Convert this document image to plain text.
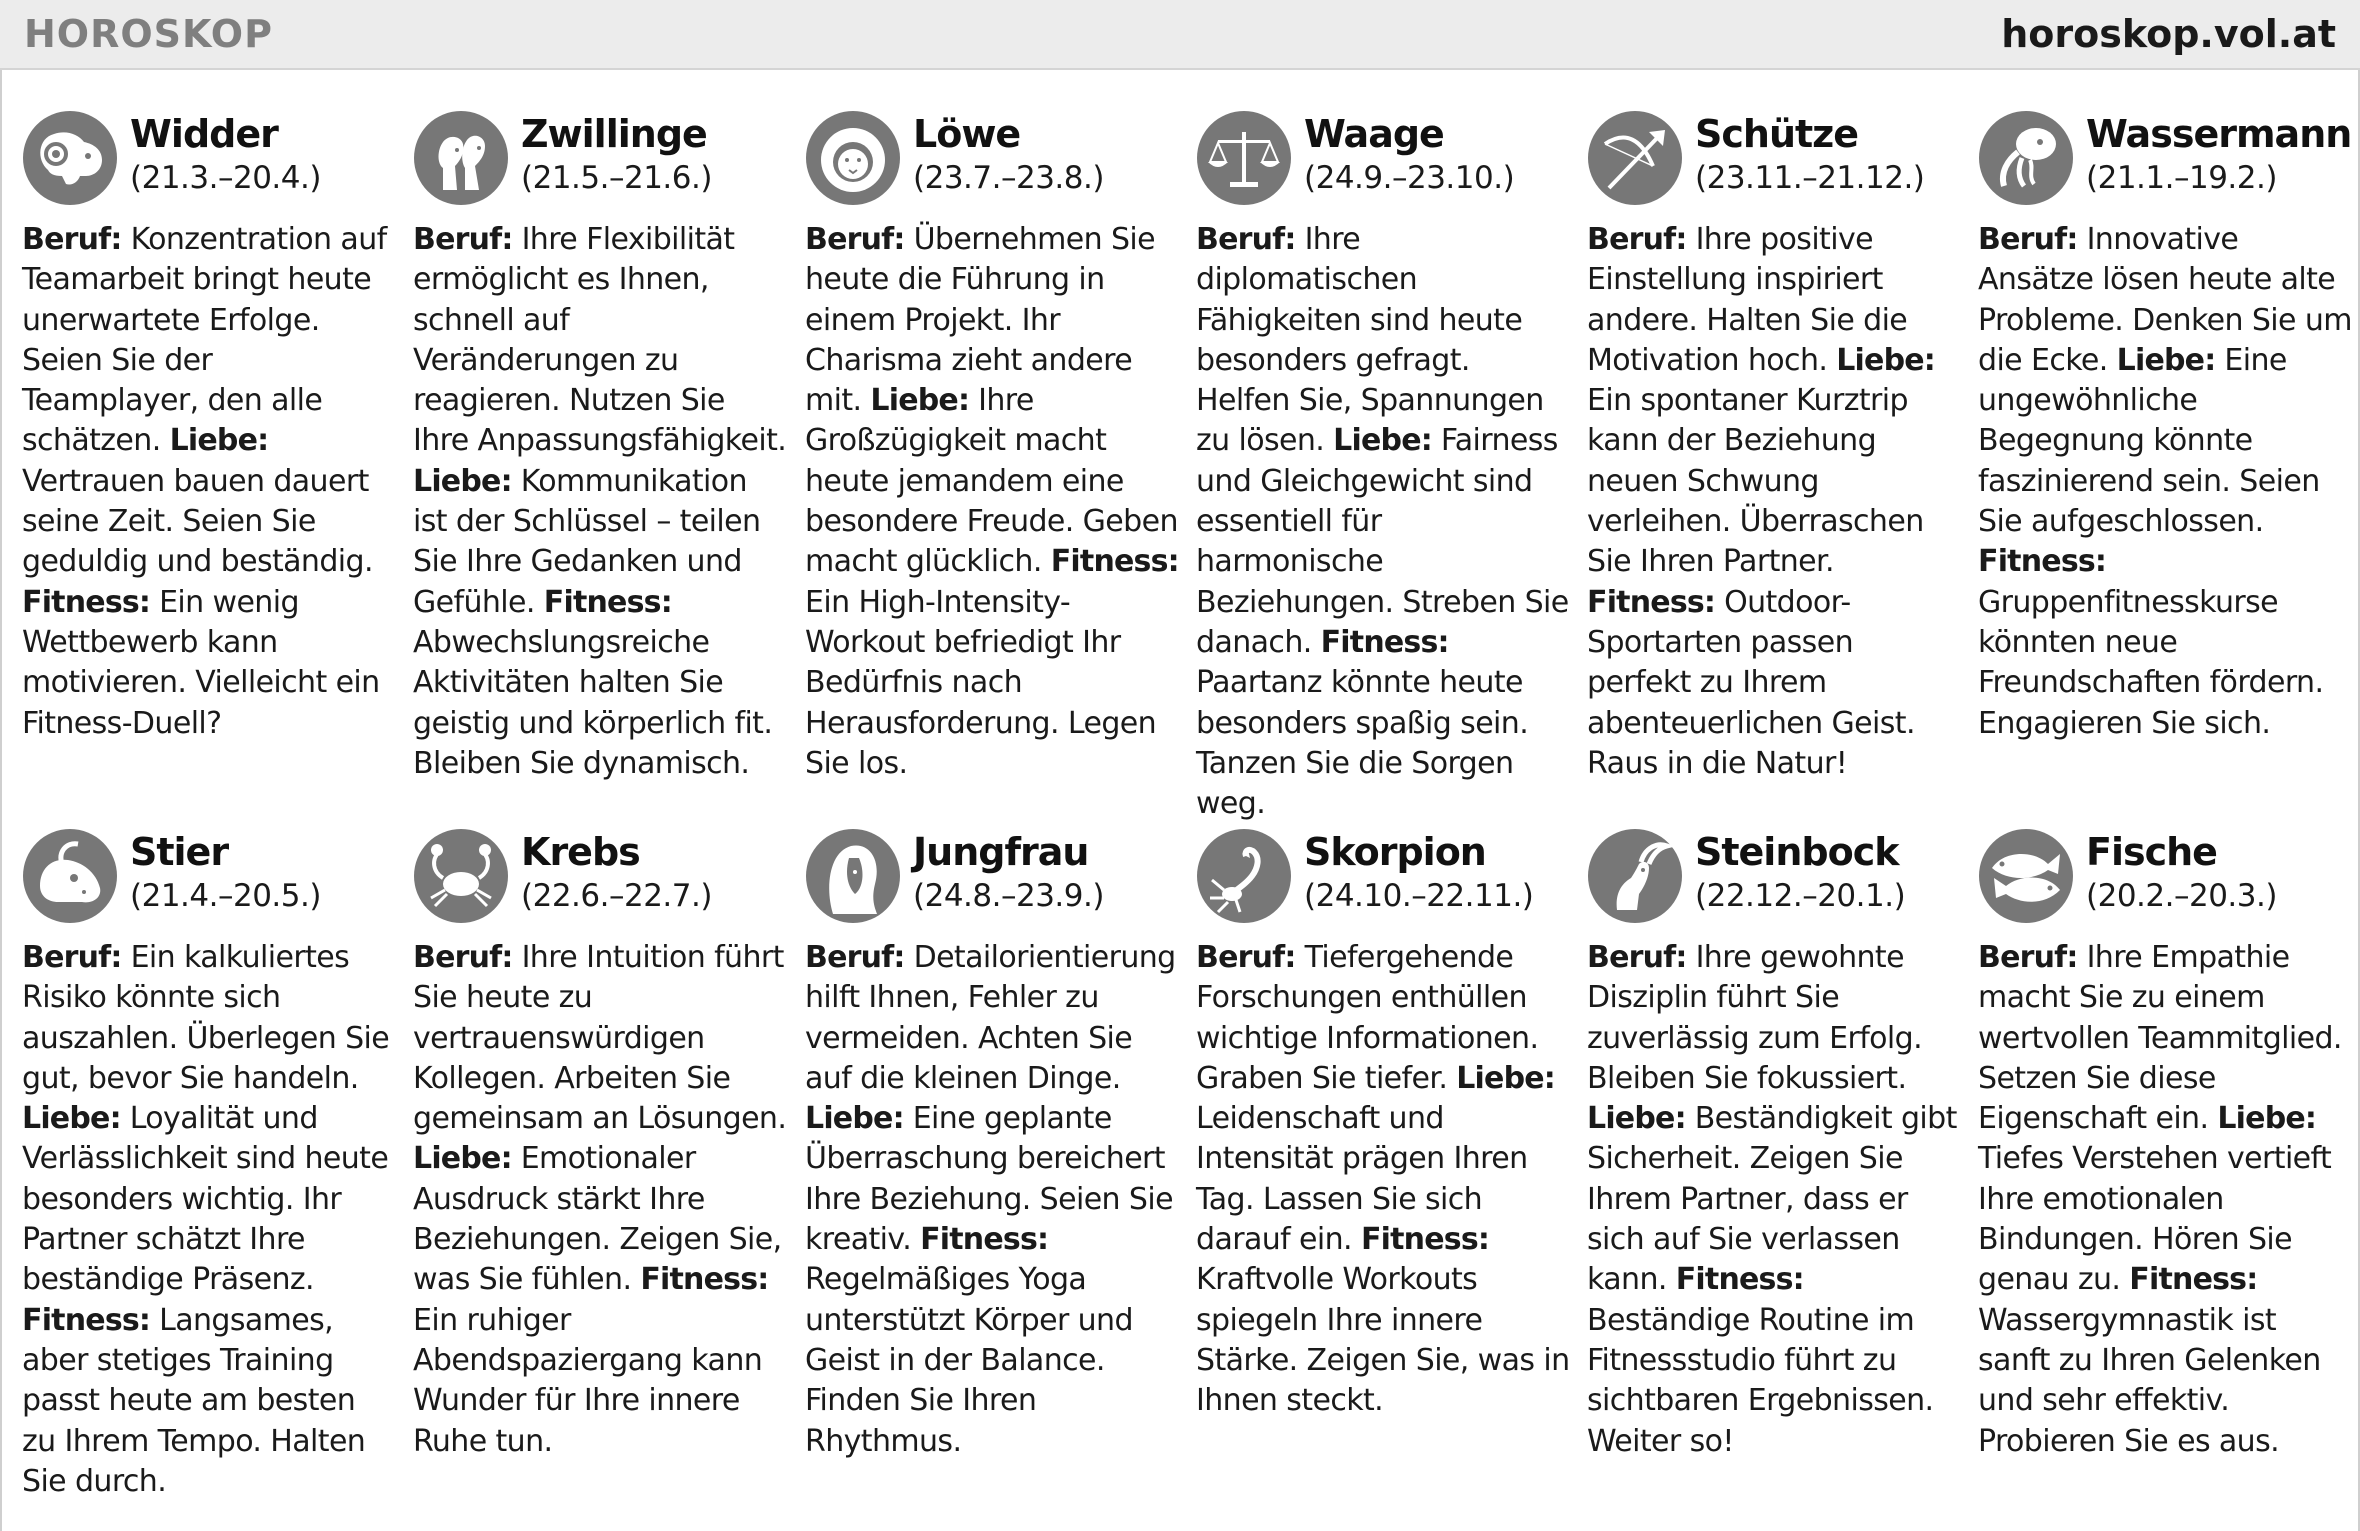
HOROSKOP	horoskop.vol.at
Widder
(21.3.–20.4.)
Beruf: Konzentration auf Teamarbeit bringt heute unerwartete Erfolge. Seien Sie der Teamplayer, den alle schätzen. Liebe: Vertrauen bauen dauert seine Zeit. Seien Sie geduldig und beständig. Fitness: Ein wenig Wettbewerb kann motivieren. Vielleicht ein Fitness-Duell?
Zwillinge
(21.5.–21.6.)
Beruf: Ihre Flexibilität ermöglicht es Ihnen, schnell auf Veränderungen zu reagieren. Nutzen Sie Ihre Anpassungsfähigkeit. Liebe: Kommunikation ist der Schlüssel – teilen Sie Ihre Gedanken und Gefühle. Fitness: Abwechslungsreiche Aktivitäten halten Sie geistig und körperlich fit. Bleiben Sie dynamisch.
Löwe
(23.7.–23.8.)
Beruf: Übernehmen Sie heute die Führung in einem Projekt. Ihr Charisma zieht andere mit. Liebe: Ihre Großzügigkeit macht heute jemandem eine besondere Freude. Geben macht glücklich. Fitness: Ein High-Intensity-Workout befriedigt Ihr Bedürfnis nach Herausforderung. Legen Sie los.
Waage
(24.9.–23.10.)
Beruf: Ihre diplomatischen Fähigkeiten sind heute besonders gefragt. Helfen Sie, Spannungen zu lösen. Liebe: Fairness und Gleichgewicht sind essentiell für harmonische Beziehungen. Streben Sie danach. Fitness: Paartanz könnte heute besonders spaßig sein. Tanzen Sie die Sorgen weg.
Schütze
(23.11.–21.12.)
Beruf: Ihre positive Einstellung inspiriert andere. Halten Sie die Motivation hoch. Liebe: Ein spontaner Kurztrip kann der Beziehung neuen Schwung verleihen. Überraschen Sie Ihren Partner. Fitness: Outdoor-Sportarten passen perfekt zu Ihrem abenteuerlichen Geist. Raus in die Natur!
Wassermann
(21.1.–19.2.)
Beruf: Innovative Ansätze lösen heute alte Probleme. Denken Sie um die Ecke. Liebe: Eine ungewöhnliche Begegnung könnte faszinierend sein. Seien Sie aufgeschlossen. Fitness: Gruppenfitnesskurse könnten neue Freundschaften fördern. Engagieren Sie sich.
Stier
(21.4.–20.5.)
Beruf: Ein kalkuliertes Risiko könnte sich auszahlen. Überlegen Sie gut, bevor Sie handeln. Liebe: Loyalität und Verlässlichkeit sind heute besonders wichtig. Ihr Partner schätzt Ihre beständige Präsenz. Fitness: Langsames, aber stetiges Training passt heute am besten zu Ihrem Tempo. Halten Sie durch.
Krebs
(22.6.–22.7.)
Beruf: Ihre Intuition führt Sie heute zu vertrauenswürdigen Kollegen. Arbeiten Sie gemeinsam an Lösungen. Liebe: Emotionaler Ausdruck stärkt Ihre Beziehungen. Zeigen Sie, was Sie fühlen. Fitness: Ein ruhiger Abendspaziergang kann Wunder für Ihre innere Ruhe tun.
Jungfrau
(24.8.–23.9.)
Beruf: Detailorientierung hilft Ihnen, Fehler zu vermeiden. Achten Sie auf die kleinen Dinge. Liebe: Eine geplante Überraschung bereichert Ihre Beziehung. Seien Sie kreativ. Fitness: Regelmäßiges Yoga unterstützt Körper und Geist in der Balance. Finden Sie Ihren Rhythmus.
Skorpion
(24.10.–22.11.)
Beruf: Tiefergehende Forschungen enthüllen wichtige Informationen. Graben Sie tiefer. Liebe: Leidenschaft und Intensität prägen Ihren Tag. Lassen Sie sich darauf ein. Fitness: Kraftvolle Workouts spiegeln Ihre innere Stärke. Zeigen Sie, was in Ihnen steckt.
Steinbock
(22.12.–20.1.)
Beruf: Ihre gewohnte Disziplin führt Sie zuverlässig zum Erfolg. Bleiben Sie fokussiert. Liebe: Beständigkeit gibt Sicherheit. Zeigen Sie Ihrem Partner, dass er sich auf Sie verlassen kann. Fitness: Beständige Routine im Fitnessstudio führt zu sichtbaren Ergebnissen. Weiter so!
Fische
(20.2.–20.3.)
Beruf: Ihre Empathie macht Sie zu einem wertvollen Teammitglied. Setzen Sie diese Eigenschaft ein. Liebe: Tiefes Verstehen vertieft Ihre emotionalen Bindungen. Hören Sie genau zu. Fitness: Wassergymnastik ist sanft zu Ihren Gelenken und sehr effektiv. Probieren Sie es aus.
